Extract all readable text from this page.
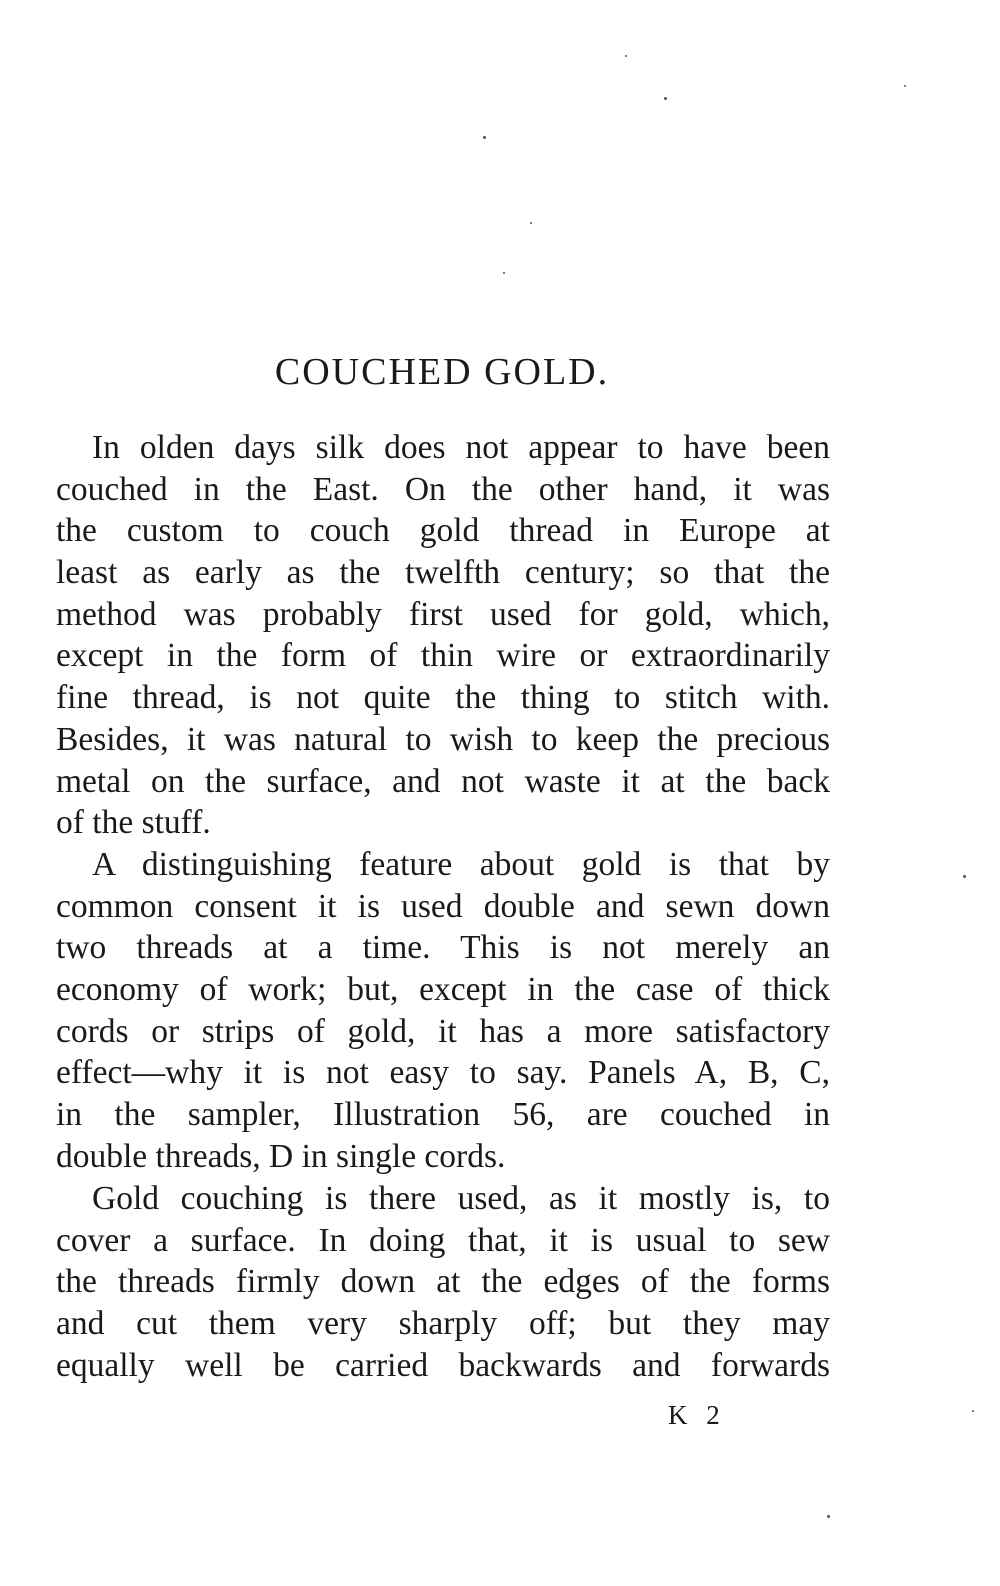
COUCHED GOLD.
In olden days silk does not appear to have been
couched in the East. On the other hand, it was
the custom to couch gold thread in Europe at
least as early as the twelfth century; so that the
method was probably first used for gold, which,
except in the form of thin wire or extraordinarily
fine thread, is not quite the thing to stitch with.
Besides, it was natural to wish to keep the precious
metal on the surface, and not waste it at the back
of the stuff.
A distinguishing feature about gold is that by
common consent it is used double and sewn down
two threads at a time. This is not merely an
economy of work; but, except in the case of thick
cords or strips of gold, it has a more satisfactory
effect—why it is not easy to say. Panels A, B, C,
in the sampler, Illustration 56, are couched in
double threads, D in single cords.
Gold couching is there used, as it mostly is, to
cover a surface. In doing that, it is usual to sew
the threads firmly down at the edges of the forms
and cut them very sharply off; but they may
equally well be carried backwards and forwards
K 2
